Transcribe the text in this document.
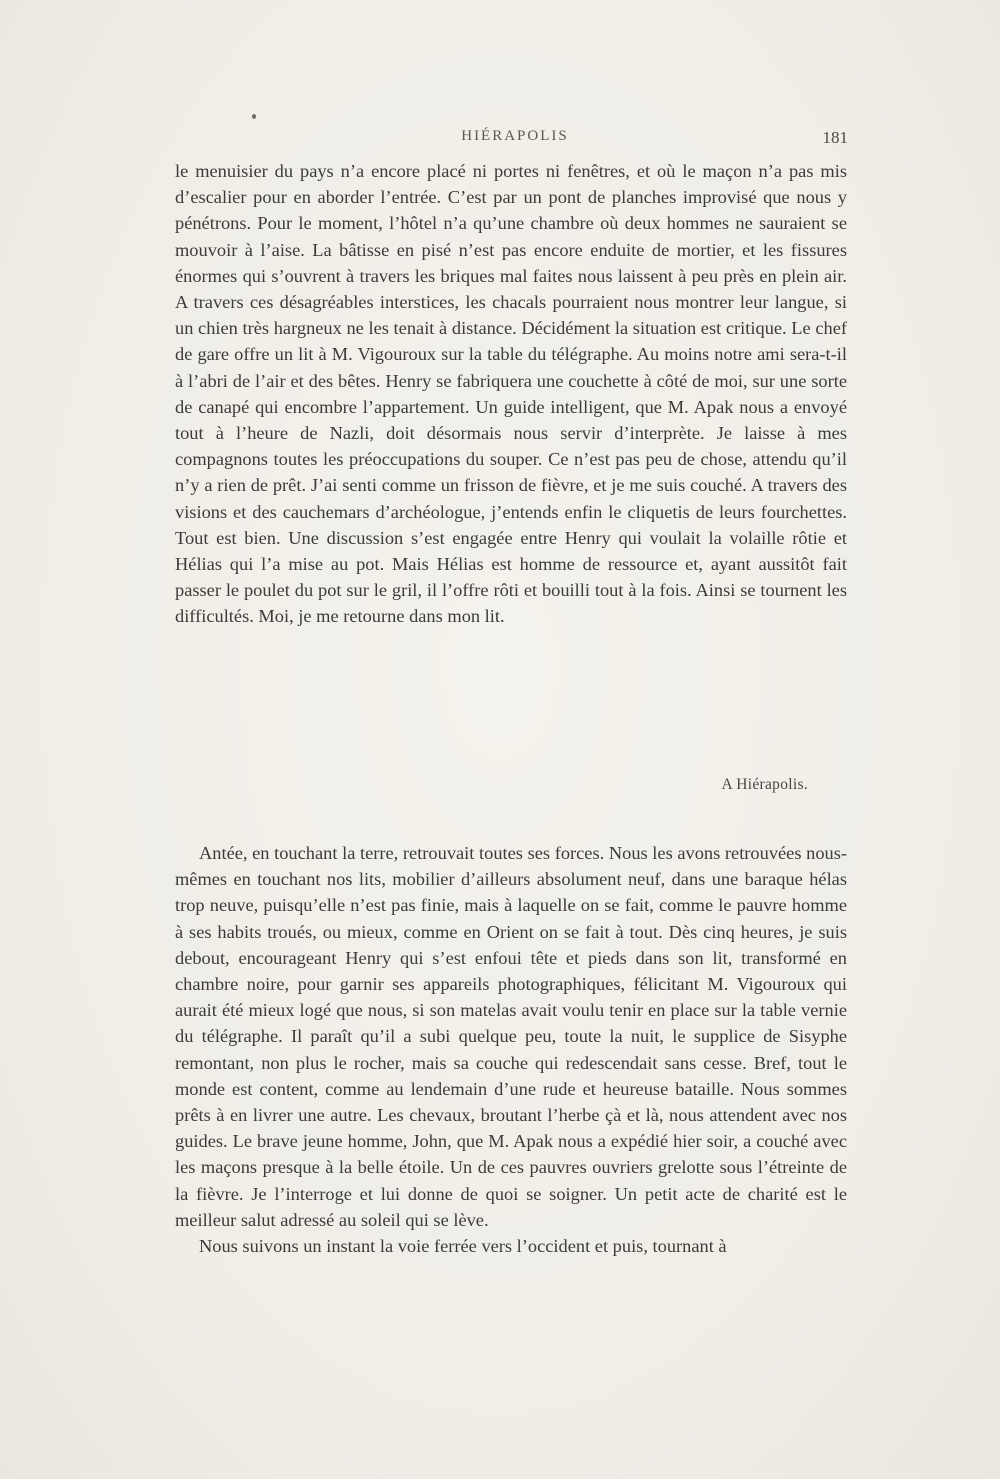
HIÉRAPOLIS	181

le menuisier du pays n’a encore placé ni portes ni fenêtres, et où le maçon n’a pas mis d’escalier pour en aborder l’entrée. C’est par un pont de planches improvisé que nous y pénétrons. Pour le moment, l’hôtel n’a qu’une chambre où deux hommes ne sauraient se mouvoir à l’aise. La bâtisse en pisé n’est pas encore enduite de mortier, et les fissures énormes qui s’ouvrent à travers les briques mal faites nous laissent à peu près en plein air. A travers ces désagréables interstices, les chacals pourraient nous montrer leur langue, si un chien très hargneux ne les tenait à distance. Décidément la situation est critique. Le chef de gare offre un lit à M. Vigouroux sur la table du télégraphe. Au moins notre ami sera-t-il à l’abri de l’air et des bêtes. Henry se fabriquera une couchette à côté de moi, sur une sorte de canapé qui encombre l’appartement. Un guide intelligent, que M. Apak nous a envoyé tout à l’heure de Nazli, doit désormais nous servir d’interprète. Je laisse à mes compagnons toutes les préoccupations du souper. Ce n’est pas peu de chose, attendu qu’il n’y a rien de prêt. J’ai senti comme un frisson de fièvre, et je me suis couché. A travers des visions et des cauchemars d’archéologue, j’entends enfin le cliquetis de leurs fourchettes. Tout est bien. Une discussion s’est engagée entre Henry qui voulait la volaille rôtie et Hélias qui l’a mise au pot. Mais Hélias est homme de ressource et, ayant aussitôt fait passer le poulet du pot sur le gril, il l’offre rôti et bouilli tout à la fois. Ainsi se tournent les difficultés. Moi, je me retourne dans mon lit.

A Hiérapolis.

Antée, en touchant la terre, retrouvait toutes ses forces. Nous les avons retrouvées nous-mêmes en touchant nos lits, mobilier d’ailleurs absolument neuf, dans une baraque hélas trop neuve, puisqu’elle n’est pas finie, mais à laquelle on se fait, comme le pauvre homme à ses habits troués, ou mieux, comme en Orient on se fait à tout. Dès cinq heures, je suis debout, encourageant Henry qui s’est enfoui tête et pieds dans son lit, transformé en chambre noire, pour garnir ses appareils photographiques, félicitant M. Vigouroux qui aurait été mieux logé que nous, si son matelas avait voulu tenir en place sur la table vernie du télégraphe. Il paraît qu’il a subi quelque peu, toute la nuit, le supplice de Sisyphe remontant, non plus le rocher, mais sa couche qui redescendait sans cesse. Bref, tout le monde est content, comme au lendemain d’une rude et heureuse bataille. Nous sommes prêts à en livrer une autre. Les chevaux, broutant l’herbe çà et là, nous attendent avec nos guides. Le brave jeune homme, John, que M. Apak nous a expédié hier soir, a couché avec les maçons presque à la belle étoile. Un de ces pauvres ouvriers grelotte sous l’étreinte de la fièvre. Je l’interroge et lui donne de quoi se soigner. Un petit acte de charité est le meilleur salut adressé au soleil qui se lève.

Nous suivons un instant la voie ferrée vers l’occident et puis, tournant à
